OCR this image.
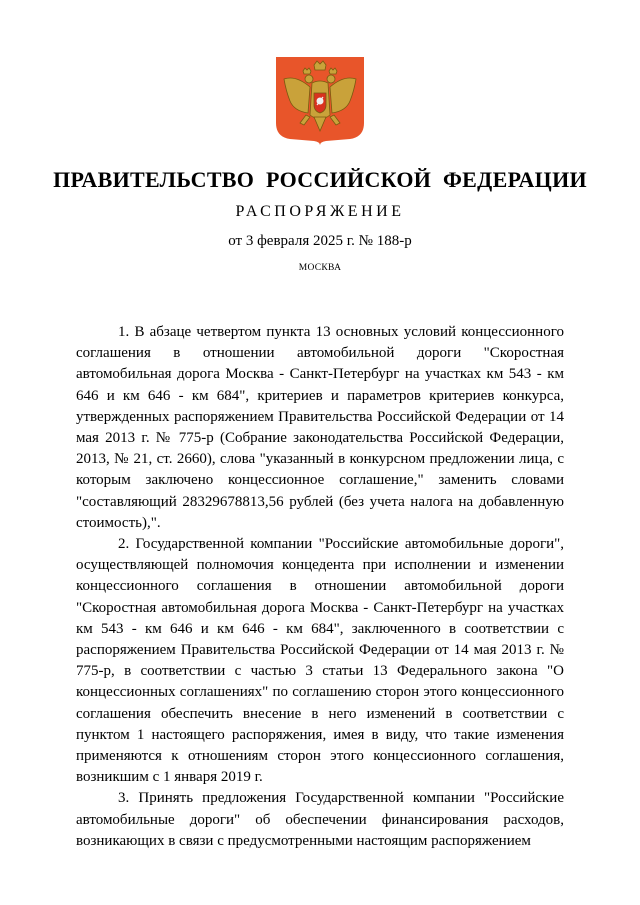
ПРАВИТЕЛЬСТВО РОССИЙСКОЙ ФЕДЕРАЦИИ
РАСПОРЯЖЕНИЕ
от 3 февраля 2025 г. № 188-р
МОСКВА

1. В абзаце четвертом пункта 13 основных условий концессионного соглашения в отношении автомобильной дороги "Скоростная автомобильная дорога Москва - Санкт-Петербург на участках км 543 - км 646 и км 646 - км 684", критериев и параметров критериев конкурса, утвержденных распоряжением Правительства Российской Федерации от 14 мая 2013 г. № 775-р (Собрание законодательства Российской Федерации, 2013, № 21, ст. 2660), слова "указанный в конкурсном предложении лица, с которым заключено концессионное соглашение," заменить словами "составляющий 28329678813,56 рублей (без учета налога на добавленную стоимость),".

2. Государственной компании "Российские автомобильные дороги", осуществляющей полномочия концедента при исполнении и изменении концессионного соглашения в отношении автомобильной дороги "Скоростная автомобильная дорога Москва - Санкт-Петербург на участках км 543 - км 646 и км 646 - км 684", заключенного в соответствии с распоряжением Правительства Российской Федерации от 14 мая 2013 г. № 775-р, в соответствии с частью 3 статьи 13 Федерального закона "О концессионных соглашениях" по соглашению сторон этого концессионного соглашения обеспечить внесение в него изменений в соответствии с пунктом 1 настоящего распоряжения, имея в виду, что такие изменения применяются к отношениям сторон этого концессионного соглашения, возникшим с 1 января 2019 г.

3. Принять предложения Государственной компании "Российские автомобильные дороги" об обеспечении финансирования расходов, возникающих в связи с предусмотренными настоящим распоряжением
